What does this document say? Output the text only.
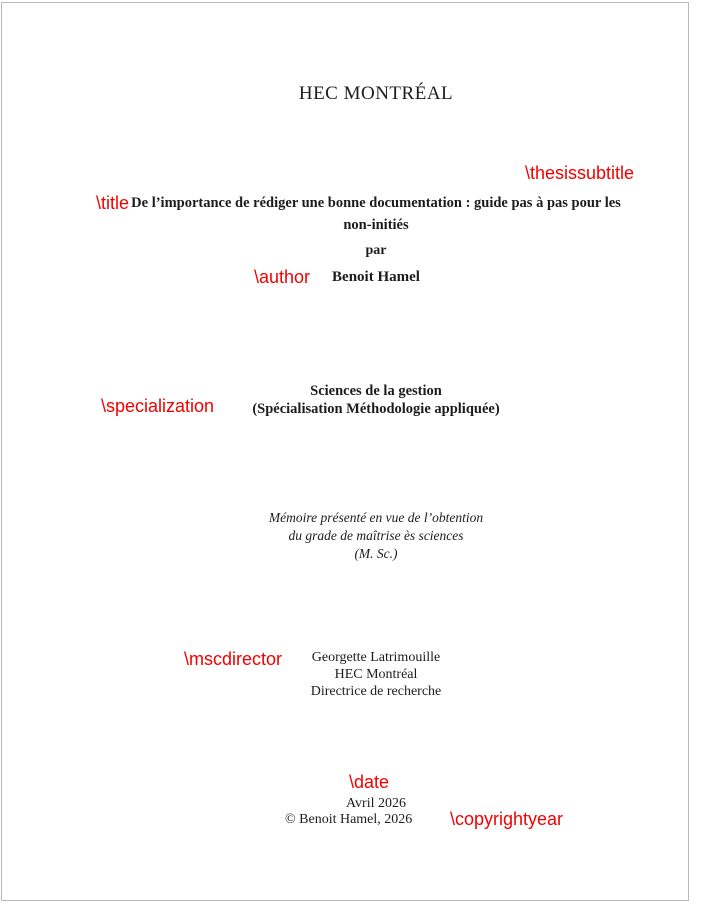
HEC MONTRÉAL
\thesissubtitle
\title De l’importance de rédiger une bonne documentation : guide pas à pas pour les
non-initiés
par
\author	Benoit Hamel
\specialization
Sciences de la gestion
(Spécialisation Méthodologie appliquée)
Mémoire présenté en vue de l’obtention
du grade de maîtrise ès sciences
(M. Sc.)
\mscdirector	Georgette Latrimouille
HEC Montréal
Directrice de recherche
\date
Avril 2026
© Benoit Hamel, 2026 \copyrightyear
